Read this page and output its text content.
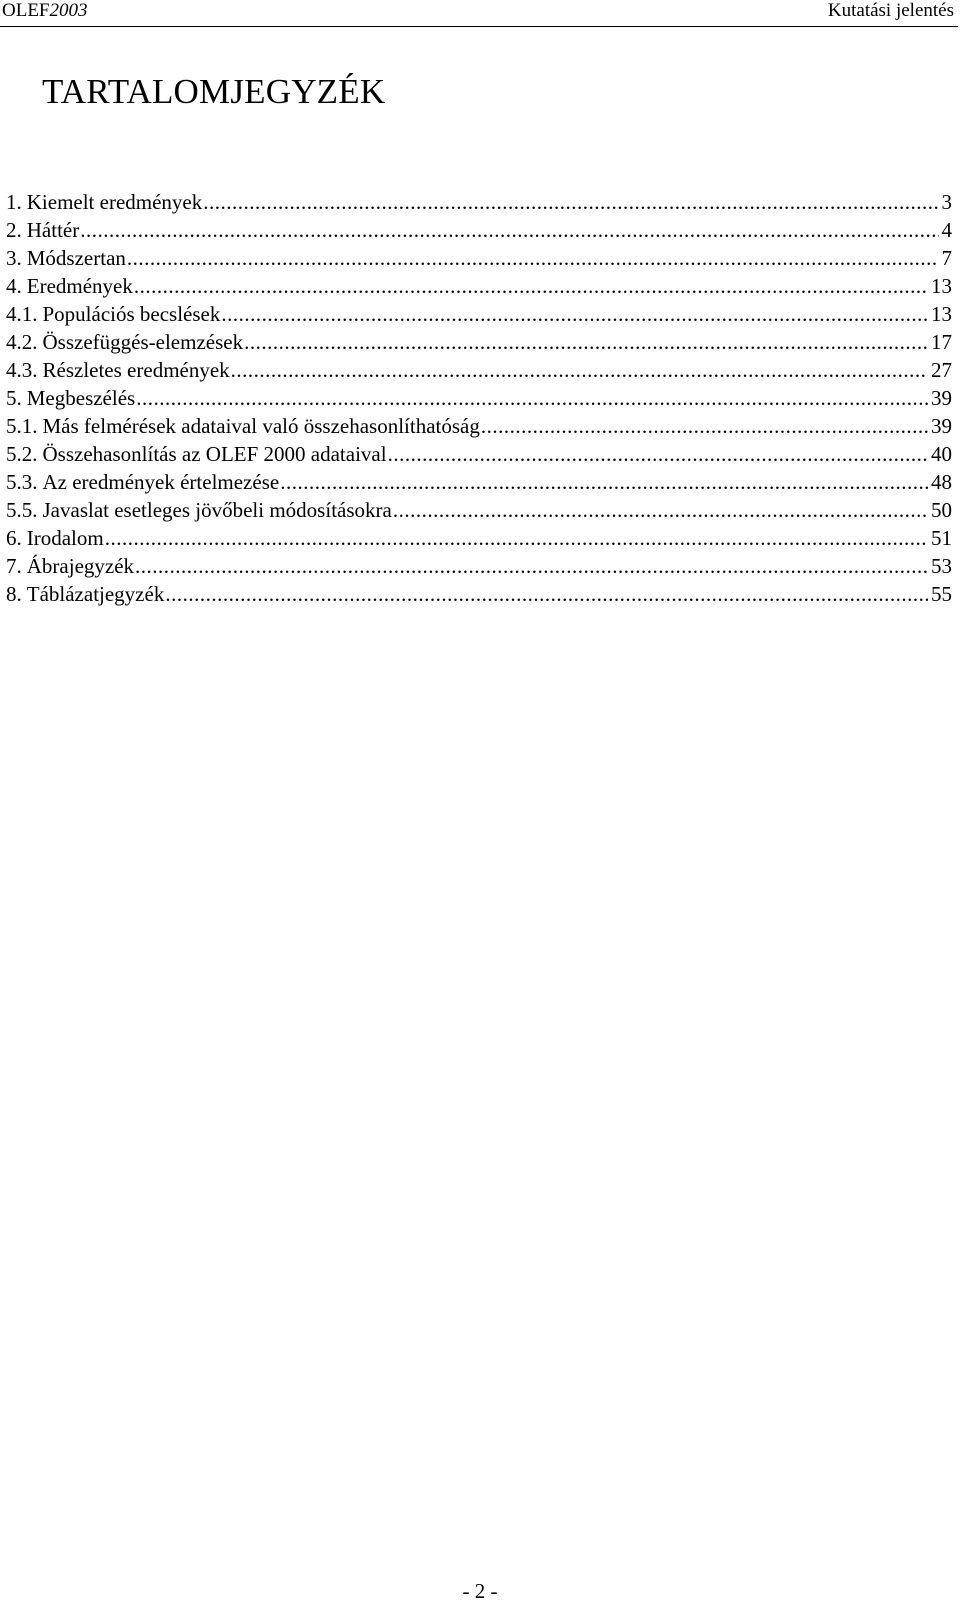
OLEF2003	Kutatási jelentés
TARTALOMJEGYZÉK
1. Kiemelt eredmények .....	3
2. Háttér .....	4
3. Módszertan .....	7
4. Eredmények .....	13
4.1. Populációs becslések .....	13
4.2. Összefüggés-elemzések .....	17
4.3. Részletes eredmények .....	27
5. Megbeszélés .....	39
5.1. Más felmérések adataival való összehasonlíthatóság .....	39
5.2. Összehasonlítás az OLEF 2000 adataival .....	40
5.3. Az eredmények értelmezése .....	48
5.5. Javaslat esetleges jövőbeli módosításokra .....	50
6. Irodalom .....	51
7. Ábrajegyzék .....	53
8. Táblázatjegyzék .....	55
- 2 -
